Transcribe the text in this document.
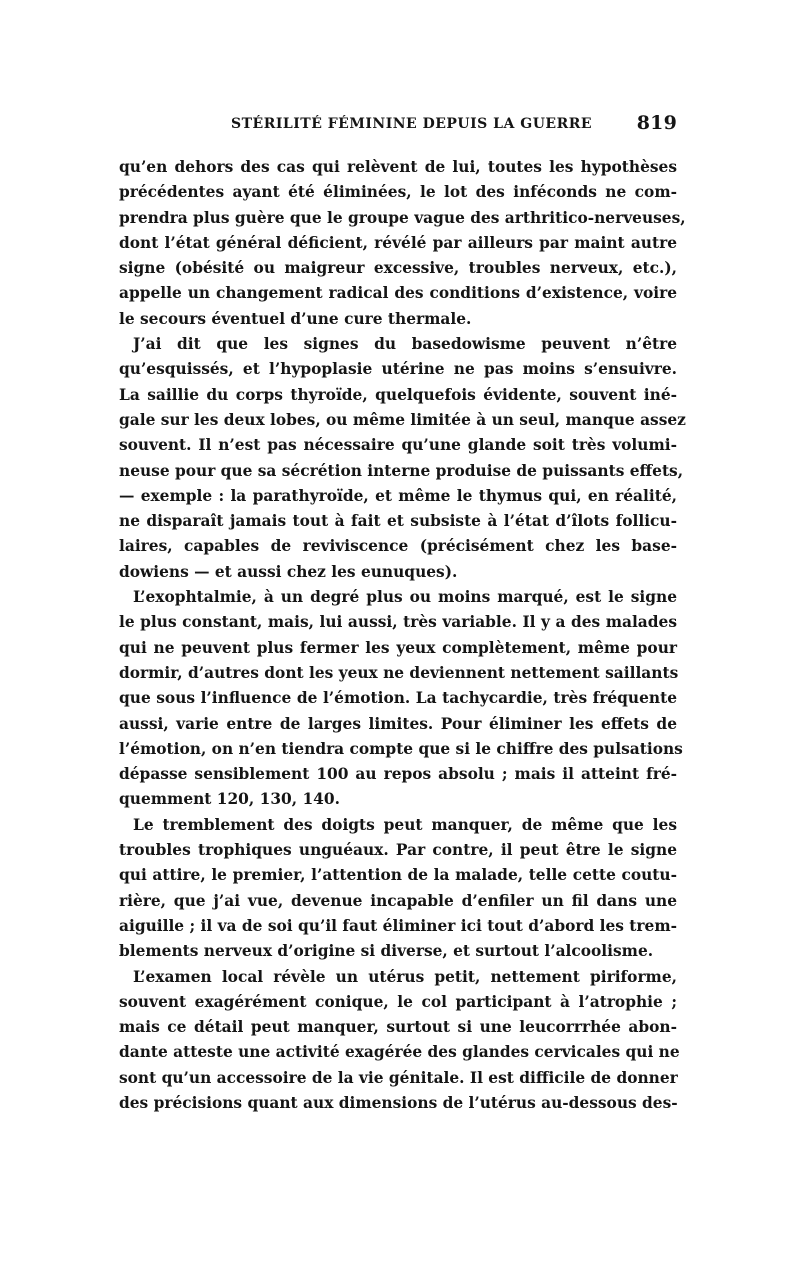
STÉRILITÉ FÉMININE DEPUIS LA GUERRE 819
qu’en dehors des cas qui relèvent de lui, toutes les hypothèses
précédentes ayant été éliminées, le lot des inféconds ne com-
prendra plus guère que le groupe vague des arthritico-nerveuses,
dont l’état général déficient, révélé par ailleurs par maint autre
signe (obésité ou maigreur excessive, troubles nerveux, etc.),
appelle un changement radical des conditions d’existence, voire
le secours éventuel d’une cure thermale.
J’ai dit que les signes du basedowisme peuvent n’être
qu’esquissés, et l’hypoplasie utérine ne pas moins s’ensuivre.
La saillie du corps thyroïde, quelquefois évidente, souvent iné-
gale sur les deux lobes, ou même limitée à un seul, manque assez
souvent. Il n’est pas nécessaire qu’une glande soit très volumi-
neuse pour que sa sécrétion interne produise de puissants effets,
— exemple : la parathyroïde, et même le thymus qui, en réalité,
ne disparaît jamais tout à fait et subsiste à l’état d’îlots follicu-
laires, capables de reviviscence (précisément chez les base-
dowiens — et aussi chez les eunuques).
L’exophtalmie, à un degré plus ou moins marqué, est le signe
le plus constant, mais, lui aussi, très variable. Il y a des malades
qui ne peuvent plus fermer les yeux complètement, même pour
dormir, d’autres dont les yeux ne deviennent nettement saillants
que sous l’influence de l’émotion. La tachycardie, très fréquente
aussi, varie entre de larges limites. Pour éliminer les effets de
l’émotion, on n’en tiendra compte que si le chiffre des pulsations
dépasse sensiblement 100 au repos absolu ; mais il atteint fré-
quemment 120, 130, 140.
Le tremblement des doigts peut manquer, de même que les
troubles trophiques unguéaux. Par contre, il peut être le signe
qui attire, le premier, l’attention de la malade, telle cette coutu-
rière, que j’ai vue, devenue incapable d’enfiler un fil dans une
aiguille ; il va de soi qu’il faut éliminer ici tout d’abord les trem-
blements nerveux d’origine si diverse, et surtout l’alcoolisme.
L’examen local révèle un utérus petit, nettement piriforme,
souvent exagérément conique, le col participant à l’atrophie ;
mais ce détail peut manquer, surtout si une leucorrrhée abon-
dante atteste une activité exagérée des glandes cervicales qui ne
sont qu’un accessoire de la vie génitale. Il est difficile de donner
des précisions quant aux dimensions de l’utérus au-dessous des-
